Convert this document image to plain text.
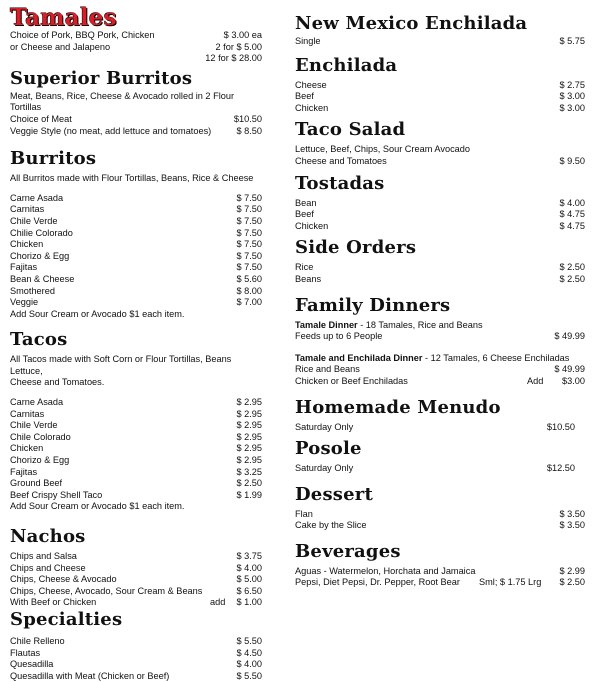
Tamales
Choice of Pork, BBQ Pork, Chicken	$ 3.00 ea
or Cheese and Jalapeno	2 for $ 5.00
12 for $ 28.00
Superior Burritos
Meat, Beans, Rice, Cheese & Avocado rolled in 2 Flour Tortillas
Choice of Meat	$10.50
Veggie Style (no meat, add lettuce and tomatoes)	$ 8.50
Burritos
All Burritos made with Flour Tortillas, Beans, Rice & Cheese
Carne Asada	$ 7.50
Carnitas	$ 7.50
Chile Verde	$ 7.50
Chilie Colorado	$ 7.50
Chicken	$ 7.50
Chorizo & Egg	$ 7.50
Fajitas	$ 7.50
Bean & Cheese	$ 5.60
Smothered	$ 8.00
Veggie	$ 7.00
Add Sour Cream or Avocado $1 each item.
Tacos
All Tacos made with Soft Corn or Flour Tortillas, Beans Lettuce,
Cheese and Tomatoes.
Carne Asada	$ 2.95
Carnitas	$ 2.95
Chile Verde	$ 2.95
Chile Colorado	$ 2.95
Chicken	$ 2.95
Chorizo & Egg	$ 2.95
Fajitas	$ 3.25
Ground Beef	$ 2.50
Beef Crispy Shell Taco	$ 1.99
Add Sour Cream or Avocado $1 each item.
Nachos
Chips and Salsa	$ 3.75
Chips and Cheese	$ 4.00
Chips, Cheese & Avocado	$ 5.00
Chips, Cheese, Avocado, Sour Cream & Beans	$ 6.50
With Beef or Chicken	add $ 1.00
Specialties
Chile Relleno	$ 5.50
Flautas	$ 4.50
Quesadilla	$ 4.00
Quesadilla with Meat (Chicken or Beef)	$ 5.50
New Mexico Enchilada
Single	$ 5.75
Enchilada
Cheese	$ 2.75
Beef	$ 3.00
Chicken	$ 3.00
Taco Salad
Lettuce, Beef, Chips, Sour Cream Avocado
Cheese and Tomatoes	$ 9.50
Tostadas
Bean	$ 4.00
Beef	$ 4.75
Chicken	$ 4.75
Side Orders
Rice	$ 2.50
Beans	$ 2.50
Family Dinners
Tamale Dinner - 18 Tamales, Rice and Beans
Feeds up to 6 People	$ 49.99
Tamale and Enchilada Dinner - 12 Tamales, 6 Cheese Enchiladas
Rice and Beans	$ 49.99
Chicken or Beef Enchiladas	Add $3.00
Homemade Menudo
Saturday Only	$10.50
Posole
Saturday Only	$12.50
Dessert
Flan	$ 3.50
Cake by the Slice	$ 3.50
Beverages
Aguas - Watermelon, Horchata and Jamaica	$ 2.99
Pepsi, Diet Pepsi, Dr. Pepper, Root Bear Sml; $ 1.75 Lrg $ 2.50
